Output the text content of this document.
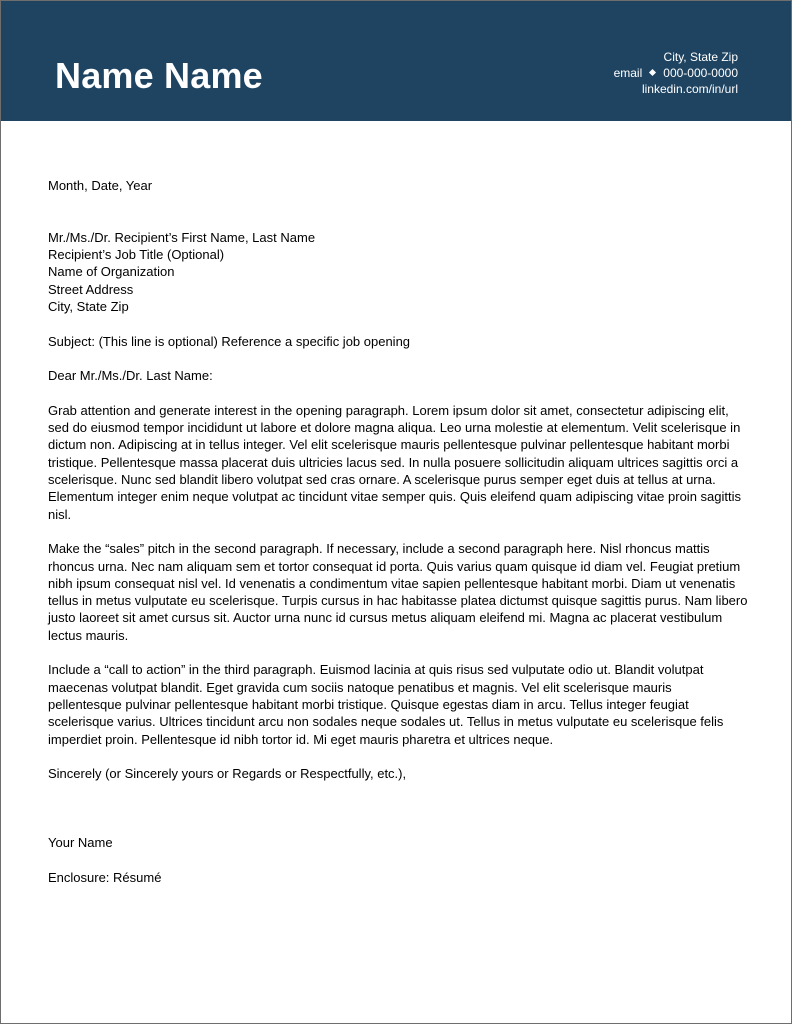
Name Name	City, State Zip
email 000-000-0000
linkedin.com/in/url

Month, Date, Year

Mr./Ms./Dr. Recipient’s First Name, Last Name

Recipient’s Job Title (Optional)

Name of Organization

Street Address

City, State Zip

Subject: (This line is optional) Reference a specific job opening

Dear Mr./Ms./Dr. Last Name:

Grab attention and generate interest in the opening paragraph. Lorem ipsum dolor sit amet, consectetur adipiscing elit, sed do eiusmod tempor incididunt ut labore et dolore magna aliqua. Leo urna molestie at elementum. Velit scelerisque in dictum non. Adipiscing at in tellus integer. Vel elit scelerisque mauris pellentesque pulvinar pellentesque habitant morbi tristique. Pellentesque massa placerat duis ultricies lacus sed. In nulla posuere sollicitudin aliquam ultrices sagittis orci a scelerisque. Nunc sed blandit libero volutpat sed cras ornare. A scelerisque purus semper eget duis at tellus at urna. Elementum integer enim neque volutpat ac tincidunt vitae semper quis. Quis eleifend quam adipiscing vitae proin sagittis nisl.

Make the “sales” pitch in the second paragraph. If necessary, include a second paragraph here. Nisl rhoncus mattis rhoncus urna. Nec nam aliquam sem et tortor consequat id porta. Quis varius quam quisque id diam vel. Feugiat pretium nibh ipsum consequat nisl vel. Id venenatis a condimentum vitae sapien pellentesque habitant morbi. Diam ut venenatis tellus in metus vulputate eu scelerisque. Turpis cursus in hac habitasse platea dictumst quisque sagittis purus. Nam libero justo laoreet sit amet cursus sit. Auctor urna nunc id cursus metus aliquam eleifend mi. Magna ac placerat vestibulum lectus mauris.

Include a “call to action” in the third paragraph. Euismod lacinia at quis risus sed vulputate odio ut. Blandit volutpat maecenas volutpat blandit. Eget gravida cum sociis natoque penatibus et magnis. Vel elit scelerisque mauris pellentesque pulvinar pellentesque habitant morbi tristique. Quisque egestas diam in arcu. Tellus integer feugiat scelerisque varius. Ultrices tincidunt arcu non sodales neque sodales ut. Tellus in metus vulputate eu scelerisque felis imperdiet proin. Pellentesque id nibh tortor id. Mi eget mauris pharetra et ultrices neque.

Sincerely (or Sincerely yours or Regards or Respectfully, etc.),

Your Name

Enclosure: Résumé
